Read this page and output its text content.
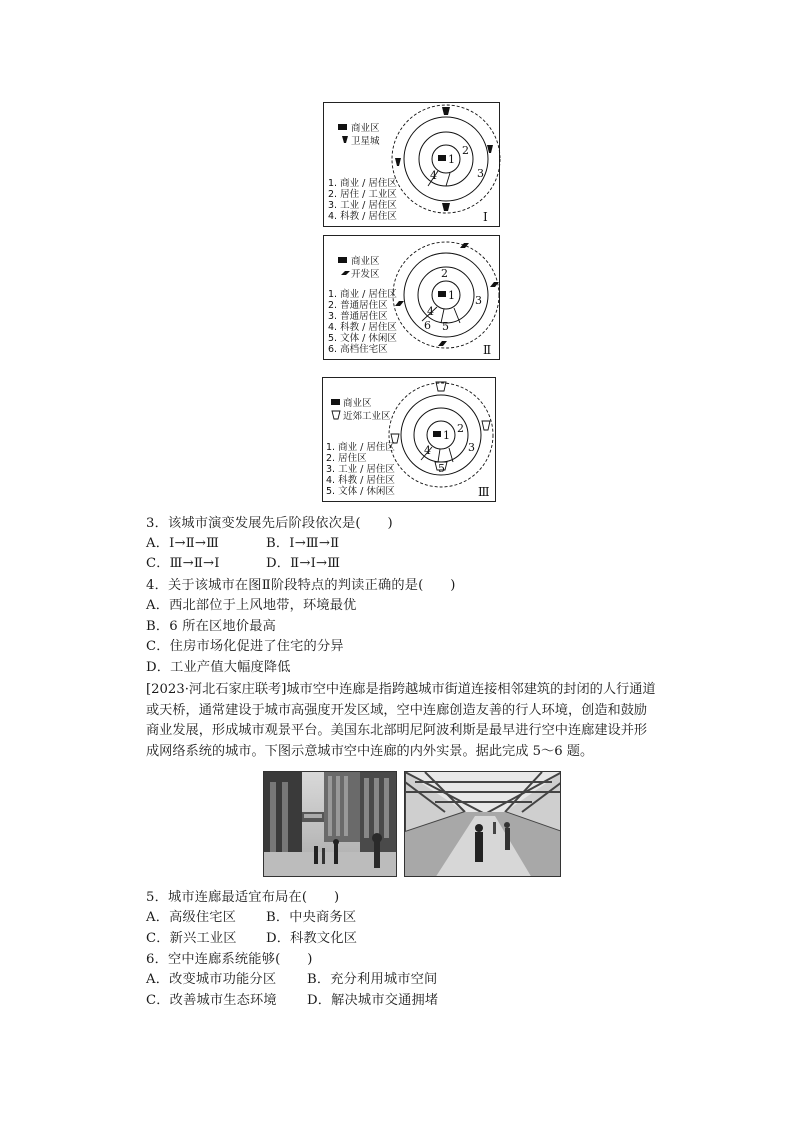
商业区
卫星城
1. 商业 / 居住区
2. 居住 / 工业区
3. 工业 / 居住区
4. 科教 / 居住区
1
2
3
4
Ⅰ
商业区
开发区
1. 商业 / 居住区
2. 普通居住区
3. 普通居住区
4. 科教 / 居住区
5. 文体 / 休闲区
6. 高档住宅区
1
2
3
4
5
6
Ⅱ
商业区
近郊工业区
1. 商业 / 居住区
2. 居住区
3. 工业 / 居住区
4. 科教 / 居住区
5. 文体 / 休闲区
1
2
3
4
5
Ⅲ
3．该城市演变发展先后阶段依次是(　　)
A．Ⅰ→Ⅱ→Ⅲ	B．Ⅰ→Ⅲ→Ⅱ
C．Ⅲ→Ⅱ→Ⅰ	D．Ⅱ→Ⅰ→Ⅲ
4．关于该城市在图Ⅱ阶段特点的判读正确的是(　　)
A．西北部位于上风地带，环境最优
B．6 所在区地价最高
C．住房市场化促进了住宅的分异
D．工业产值大幅度降低
[2023·河北石家庄联考]城市空中连廊是指跨越城市街道连接相邻建筑的封闭的人行通道或天桥，通常建设于城市高强度开发区域，空中连廊创造友善的行人环境，创造和鼓励商业发展，形成城市观景平台。美国东北部明尼阿波利斯是最早进行空中连廊建设并形成网络系统的城市。下图示意城市空中连廊的内外实景。据此完成 5～6 题。
5．城市连廊最适宜布局在(　　)
A．高级住宅区 B．中央商务区
C．新兴工业区 D．科教文化区
6．空中连廊系统能够(　　)
A．改变城市功能分区 B．充分利用城市空间
C．改善城市生态环境 D．解决城市交通拥堵
